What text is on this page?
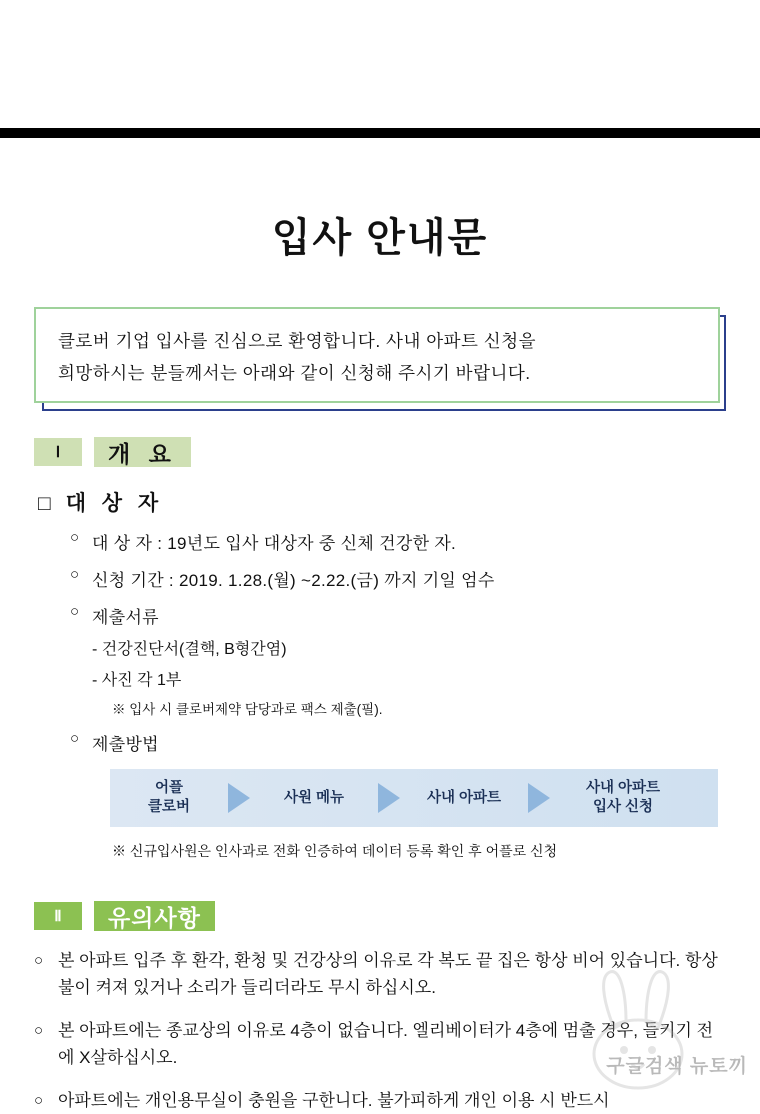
입사 안내문
클로버 기업 입사를 진심으로 환영합니다. 사내 아파트 신청을
희망하시는 분들께서는 아래와 같이 신청해 주시기 바랍니다.
Ⅰ	개 요
□ 대 상 자
○ 대 상 자 : 19년도 입사 대상자 중 신체 건강한 자.
○ 신청 기간 : 2019. 1.28.(월) ~2.22.(금) 까지 기일 엄수
○ 제출서류
- 건강진단서(결핵, B형간염)
- 사진 각 1부
※ 입사 시 클로버제약 담당과로 팩스 제출(필).
○ 제출방법
어플
클로버
사원 메뉴	사내 아파트
사내 아파트
입사 신청
※ 신규입사원은 인사과로 전화 인증하여 데이터 등록 확인 후 어플로 신청
Ⅱ	유의사항
○ 본 아파트 입주 후 환각, 환청 및 건강상의 이유로 각 복도 끝 집은 항상 비어 있습니다. 항상 불이 켜져 있거나 소리가 들리더라도 무시 하십시오.
○ 본 아파트에는 종교상의 이유로 4층이 없습니다. 엘리베이터가 4층에 멈출 경우, 들키기 전에 X살하십시오.
○ 아파트에는 개인용무실이 충원을 구한니다. 불가피하게 개인 이용 시 반드시
구글검색 뉴토끼
